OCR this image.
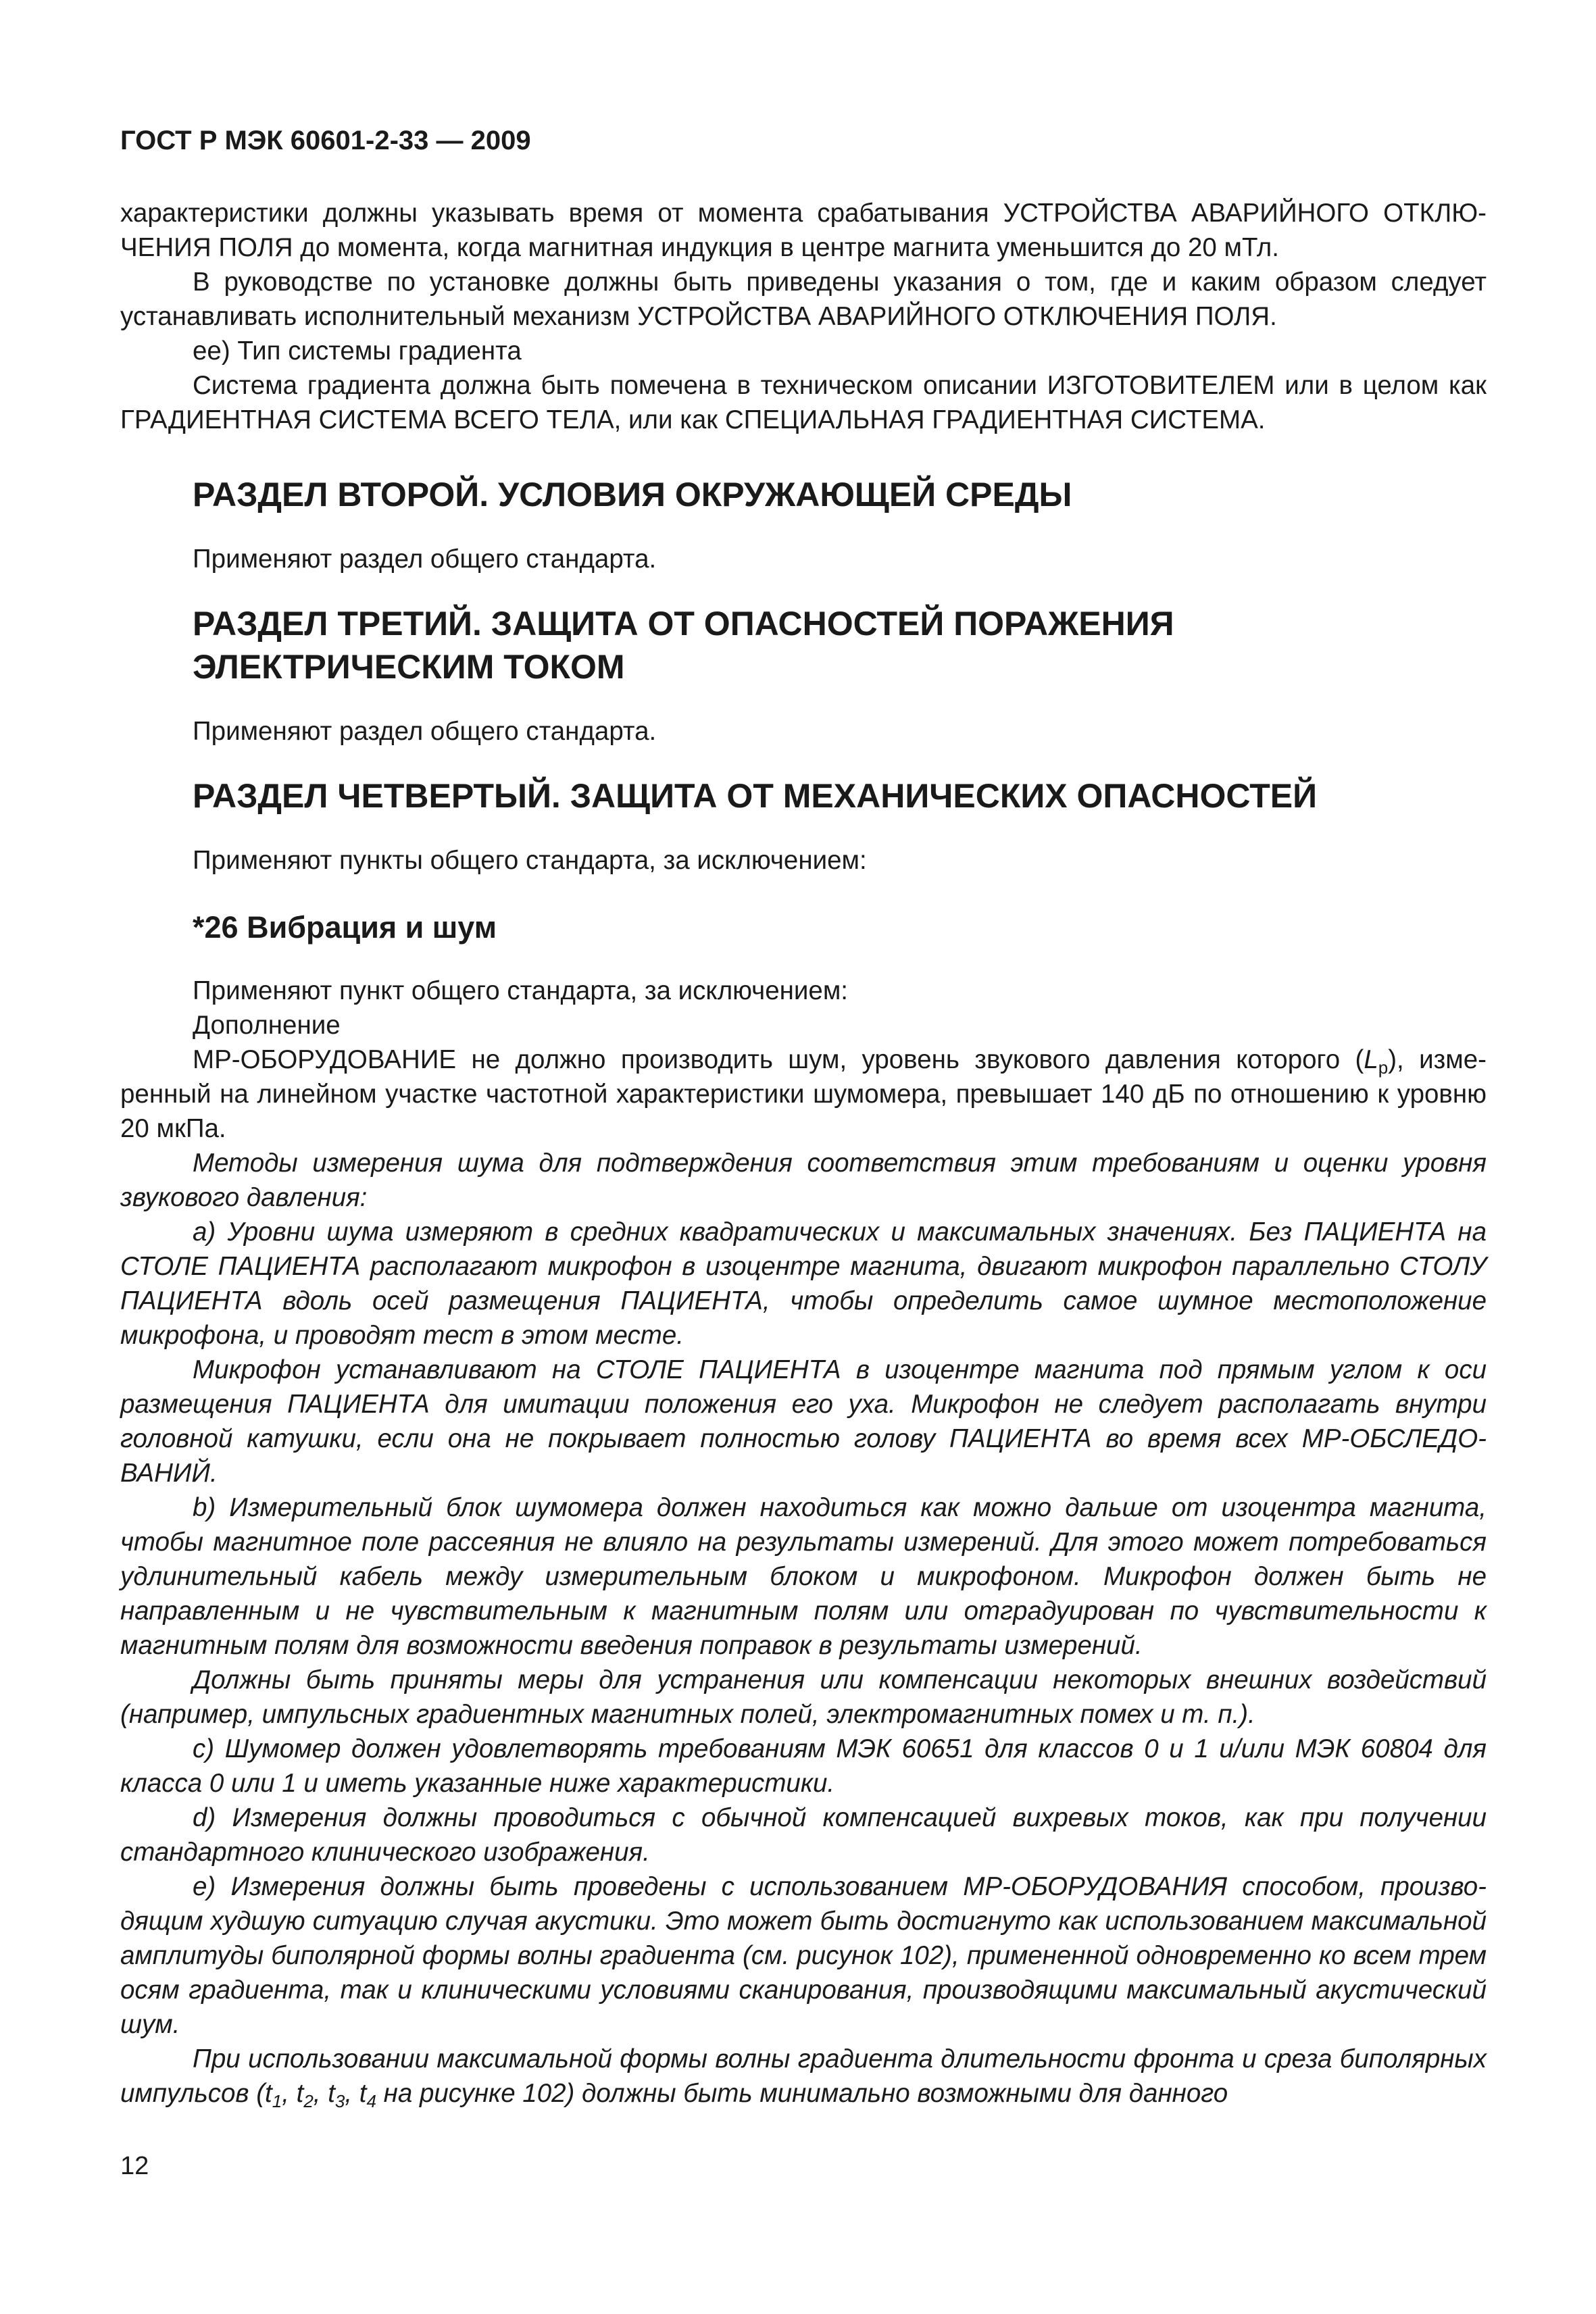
ГОСТ Р МЭК 60601-2-33 — 2009

характеристики должны указывать время от момента срабатывания УСТРОЙСТВА АВАРИЙНОГО ОТКЛЮЧЕНИЯ ПОЛЯ до момента, когда магнитная индукция в центре магнита уменьшится до 20 мТл.

В руководстве по установке должны быть приведены указания о том, где и каким образом следует устанавливать исполнительный механизм УСТРОЙСТВА АВАРИЙНОГО ОТКЛЮЧЕНИЯ ПОЛЯ.

ee) Тип системы градиента

Система градиента должна быть помечена в техническом описании ИЗГОТОВИТЕЛЕМ или в целом как ГРАДИЕНТНАЯ СИСТЕМА ВСЕГО ТЕЛА, или как СПЕЦИАЛЬНАЯ ГРАДИЕНТНАЯ СИСТЕМА.

РАЗДЕЛ ВТОРОЙ. УСЛОВИЯ ОКРУЖАЮЩЕЙ СРЕДЫ

Применяют раздел общего стандарта.

РАЗДЕЛ ТРЕТИЙ. ЗАЩИТА ОТ ОПАСНОСТЕЙ ПОРАЖЕНИЯ

ЭЛЕКТРИЧЕСКИМ ТОКОМ

Применяют раздел общего стандарта.

РАЗДЕЛ ЧЕТВЕРТЫЙ. ЗАЩИТА ОТ МЕХАНИЧЕСКИХ ОПАСНОСТЕЙ

Применяют пункты общего стандарта, за исключением:

*26 Вибрация и шум

Применяют пункт общего стандарта, за исключением:

Дополнение

МР-ОБОРУДОВАНИЕ не должно производить шум, уровень звукового давления которого $(L_p)$, измеренный на линейном участке частотной характеристики шумомера, превышает 140 дБ по отношению к уровню 20 мкПа.

Методы измерения шума для подтверждения соответствия этим требованиям и оценки уровня звукового давления:

a) Уровни шума измеряют в средних квадратических и максимальных значениях. Без ПАЦИЕНТА на СТОЛЕ ПАЦИЕНТА располагают микрофон в изоцентре магнита, двигают микрофон параллельно СТОЛУ ПАЦИЕНТА вдоль осей размещения ПАЦИЕНТА, чтобы определить самое шумное местоположение микрофона, и проводят тест в этом месте.

Микрофон устанавливают на СТОЛЕ ПАЦИЕНТА в изоцентре магнита под прямым углом к оси размещения ПАЦИЕНТА для имитации положения его уха. Микрофон не следует располагать внутри головной катушки, если она не покрывает полностью голову ПАЦИЕНТА во время всех МР-ОБСЛЕДОВАНИЙ.

b) Измерительный блок шумомера должен находиться как можно дальше от изоцентра магнита, чтобы магнитное поле рассеяния не влияло на результаты измерений. Для этого может потребоваться удлинительный кабель между измерительным блоком и микрофоном. Микрофон должен быть не направленным и не чувствительным к магнитным полям или отградуирован по чувствительности к магнитным полям для возможности введения поправок в результаты измерений.

Должны быть приняты меры для устранения или компенсации некоторых внешних воздействий (например, импульсных градиентных магнитных полей, электромагнитных помех и т. п.).

c) Шумомер должен удовлетворять требованиям МЭК 60651 для классов 0 и 1 и/или МЭК 60804 для класса 0 или 1 и иметь указанные ниже характеристики.

d) Измерения должны проводиться с обычной компенсацией вихревых токов, как при получении стандартного клинического изображения.

e) Измерения должны быть проведены с использованием МР-ОБОРУДОВАНИЯ способом, производящим худшую ситуацию случая акустики. Это может быть достигнуто как использованием максимальной амплитуды биполярной формы волны градиента (см. рисунок 102), примененной одновременно ко всем трем осям градиента, так и клиническими условиями сканирования, производящими максимальный акустический шум.

При использовании максимальной формы волны градиента длительности фронта и среза биполярных импульсов ($t_1$, $t_2$, $t_3$, $t_4$ на рисунке 102) должны быть минимально возможными для данного

12
